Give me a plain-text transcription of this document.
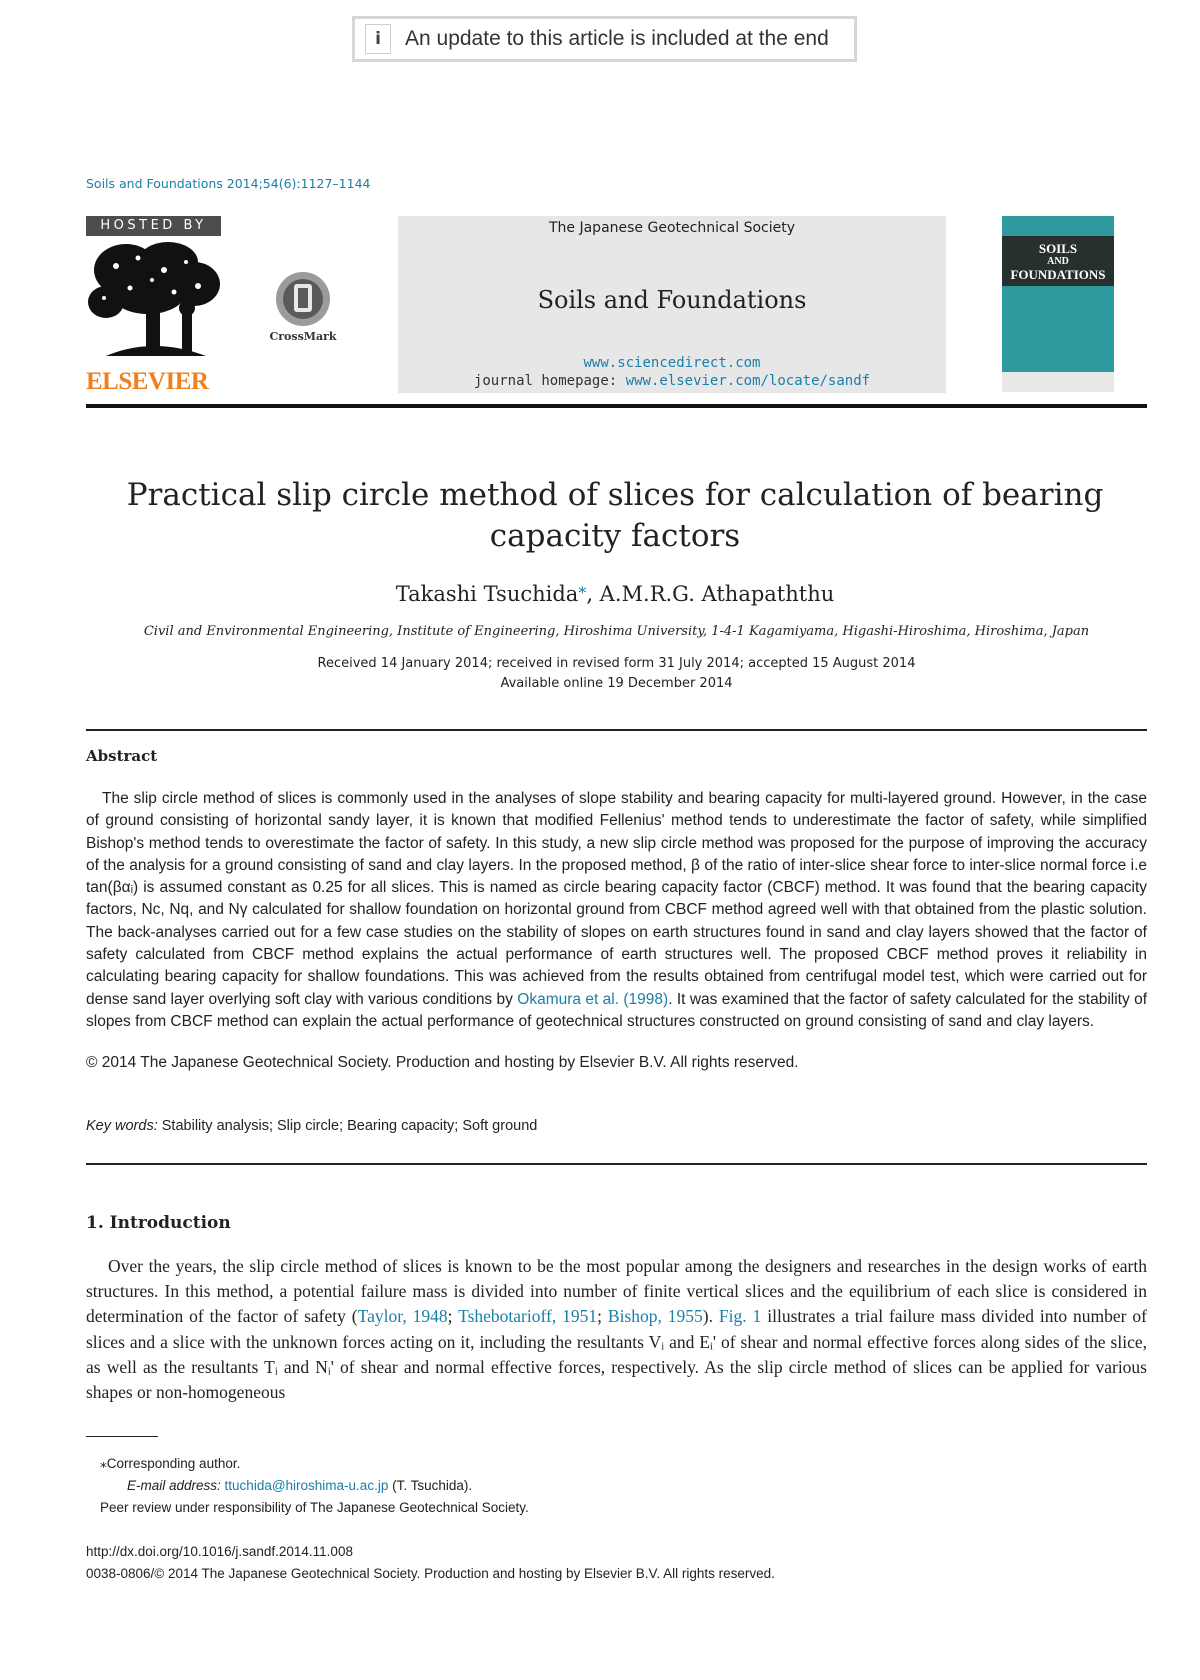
i	An update to this article is included at the end
Soils and Foundations 2014;54(6):1127–1144
HOSTED BY
ELSEVIER
CrossMark
The Japanese Geotechnical Society
Soils and Foundations
www.sciencedirect.com
journal homepage: www.elsevier.com/locate/sandf
SOILS
AND
FOUNDATIONS
Practical slip circle method of slices for calculation of bearing capacity factors
Takashi Tsuchida⁎, A.M.R.G. Athapaththu
Civil and Environmental Engineering, Institute of Engineering, Hiroshima University, 1-4-1 Kagamiyama, Higashi-Hiroshima, Hiroshima, Japan
Received 14 January 2014; received in revised form 31 July 2014; accepted 15 August 2014
Available online 19 December 2014
Abstract
The slip circle method of slices is commonly used in the analyses of slope stability and bearing capacity for multi-layered ground. However, in the case of ground consisting of horizontal sandy layer, it is known that modified Fellenius' method tends to underestimate the factor of safety, while simplified Bishop's method tends to overestimate the factor of safety. In this study, a new slip circle method was proposed for the purpose of improving the accuracy of the analysis for a ground consisting of sand and clay layers. In the proposed method, β of the ratio of inter-slice shear force to inter-slice normal force i.e tan(βαᵢ) is assumed constant as 0.25 for all slices. This is named as circle bearing capacity factor (CBCF) method. It was found that the bearing capacity factors, Nc, Nq, and Nγ calculated for shallow foundation on horizontal ground from CBCF method agreed well with that obtained from the plastic solution. The back-analyses carried out for a few case studies on the stability of slopes on earth structures found in sand and clay layers showed that the factor of safety calculated from CBCF method explains the actual performance of earth structures well. The proposed CBCF method proves it reliability in calculating bearing capacity for shallow foundations. This was achieved from the results obtained from centrifugal model test, which were carried out for dense sand layer overlying soft clay with various conditions by Okamura et al. (1998). It was examined that the factor of safety calculated for the stability of slopes from CBCF method can explain the actual performance of geotechnical structures constructed on ground consisting of sand and clay layers.
© 2014 The Japanese Geotechnical Society. Production and hosting by Elsevier B.V. All rights reserved.
Key words: Stability analysis; Slip circle; Bearing capacity; Soft ground
1. Introduction
Over the years, the slip circle method of slices is known to be the most popular among the designers and researches in the design works of earth structures. In this method, a potential failure mass is divided into number of finite vertical slices and the equilibrium of each slice is considered in determination of the factor of safety (Taylor, 1948; Tshebotarioff, 1951; Bishop, 1955). Fig. 1 illustrates a trial failure mass divided into number of slices and a slice with the unknown forces acting on it, including the resultants Vᵢ and Eᵢ' of shear and normal effective forces along sides of the slice, as well as the resultants Tᵢ and Nᵢ' of shear and normal effective forces, respectively. As the slip circle method of slices can be applied for various shapes or non-homogeneous
⁎Corresponding author.
E-mail address: ttuchida@hiroshima-u.ac.jp (T. Tsuchida).
Peer review under responsibility of The Japanese Geotechnical Society.
http://dx.doi.org/10.1016/j.sandf.2014.11.008
0038-0806/© 2014 The Japanese Geotechnical Society. Production and hosting by Elsevier B.V. All rights reserved.
